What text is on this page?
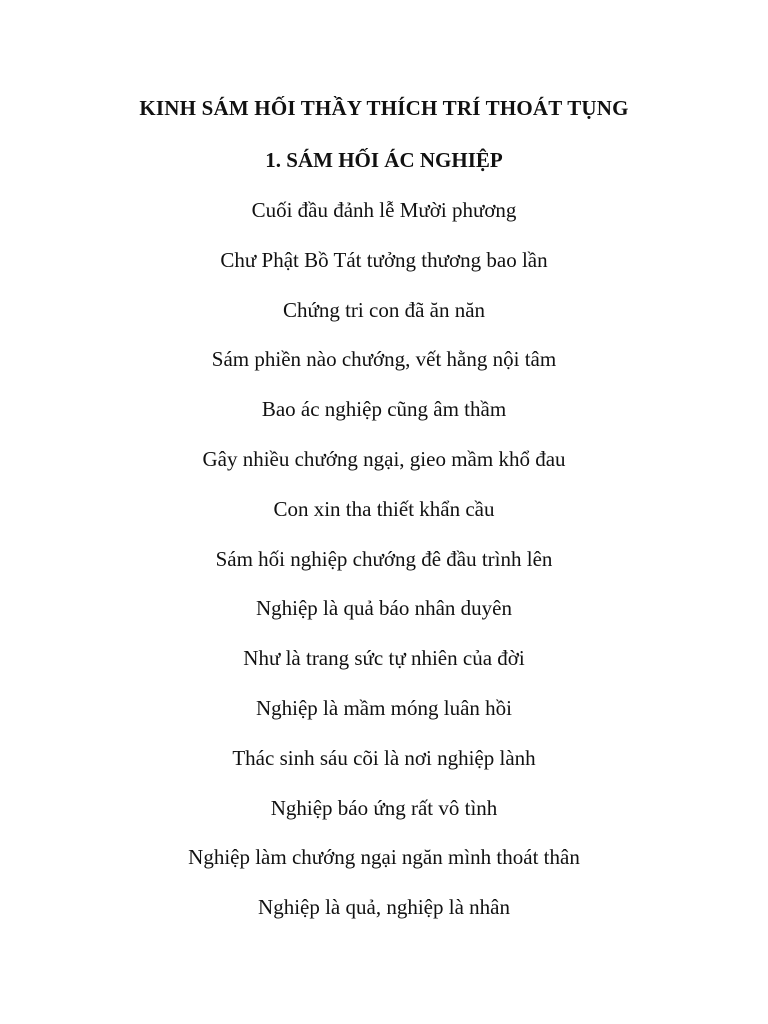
KINH SÁM HỐI THẦY THÍCH TRÍ THOÁT TỤNG
1. SÁM HỐI ÁC NGHIỆP
Cuối đầu đảnh lễ Mười phương
Chư Phật Bồ Tát tưởng thương bao lần
Chứng tri con đã ăn năn
Sám phiền nào chướng, vết hằng nội tâm
Bao ác nghiệp cũng âm thầm
Gây nhiều chướng ngại, gieo mầm khổ đau
Con xin tha thiết khẩn cầu
Sám hối nghiệp chướng đê đầu trình lên
Nghiệp là quả báo nhân duyên
Như là trang sức tự nhiên của đời
Nghiệp là mầm móng luân hồi
Thác sinh sáu cõi là nơi nghiệp lành
Nghiệp báo ứng rất vô tình
Nghiệp làm chướng ngại ngăn mình thoát thân
Nghiệp là quả, nghiệp là nhân
